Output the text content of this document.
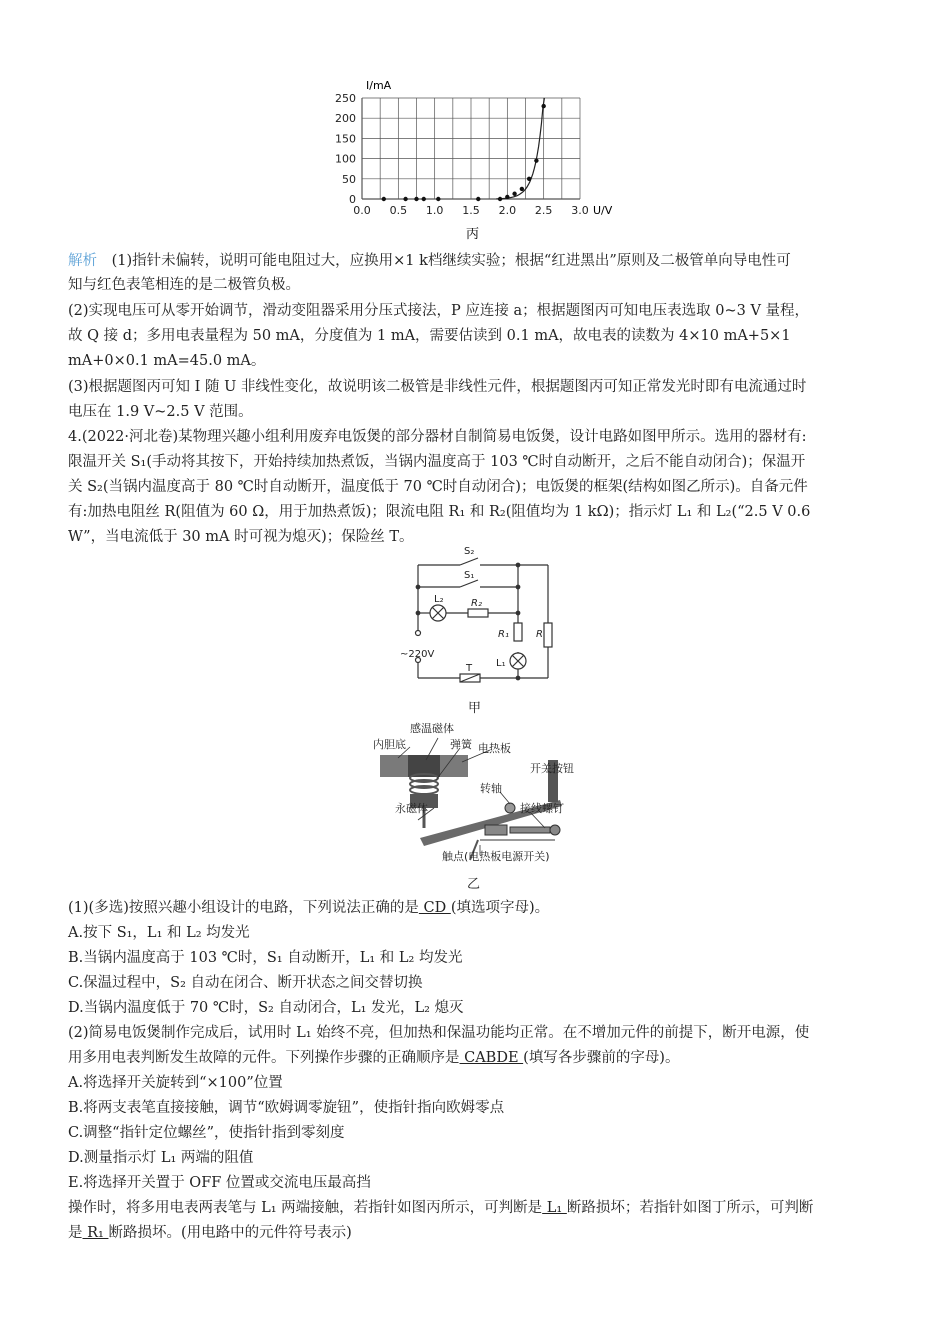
250
200
150
100
50
0
0.0 0.5 1.0 1.5 2.0 2.5 3.0
I/mA
U/V
丙
解析 (1)指针未偏转，说明可能电阻过大，应换用×1 k档继续实验；根据“红进黑出”原则及二极管单向导电性可
知与红色表笔相连的是二极管负极。
(2)实现电压可从零开始调节，滑动变阻器采用分压式接法，P 应连接 a；根据题图丙可知电压表选取 0~3 V 量程，
故 Q 接 d；多用电表量程为 50 mA，分度值为 1 mA，需要估读到 0.1 mA，故电表的读数为 4×10 mA+5×1
mA+0×0.1 mA=45.0 mA。
(3)根据题图丙可知 I 随 U 非线性变化，故说明该二极管是非线性元件，根据题图丙可知正常发光时即有电流通过时
电压在 1.9 V~2.5 V 范围。
4.(2022·河北卷)某物理兴趣小组利用废弃电饭煲的部分器材自制简易电饭煲，设计电路如图甲所示。选用的器材有:
限温开关 S₁(手动将其按下，开始持续加热煮饭，当锅内温度高于 103 ℃时自动断开，之后不能自动闭合)；保温开
关 S₂(当锅内温度高于 80 ℃时自动断开，温度低于 70 ℃时自动闭合)；电饭煲的框架(结构如图乙所示)。自备元件
有:加热电阻丝 R(阻值为 60 Ω，用于加热煮饭)；限流电阻 R₁ 和 R₂(阻值均为 1 kΩ)；指示灯 L₁ 和 L₂(“2.5 V 0.6
W”，当电流低于 30 mA 时可视为熄灭)；保险丝 T。
S₂
S₁
L₂	R₂
R₁	R
L₁
~220V
T
甲
感温磁体
内胆底	弹簧 电热板
开关按钮
转轴
永磁体	接线螺钉
触点(电热板电源开关)
乙
(1)(多选)按照兴趣小组设计的电路，下列说法正确的是 CD (填选项字母)。
A.按下 S₁，L₁ 和 L₂ 均发光
B.当锅内温度高于 103 ℃时，S₁ 自动断开，L₁ 和 L₂ 均发光
C.保温过程中，S₂ 自动在闭合、断开状态之间交替切换
D.当锅内温度低于 70 ℃时，S₂ 自动闭合，L₁ 发光，L₂ 熄灭
(2)简易电饭煲制作完成后，试用时 L₁ 始终不亮，但加热和保温功能均正常。在不增加元件的前提下，断开电源，使
用多用电表判断发生故障的元件。下列操作步骤的正确顺序是 CABDE (填写各步骤前的字母)。
A.将选择开关旋转到“×100”位置
B.将两支表笔直接接触，调节“欧姆调零旋钮”，使指针指向欧姆零点
C.调整“指针定位螺丝”，使指针指到零刻度
D.测量指示灯 L₁ 两端的阻值
E.将选择开关置于 OFF 位置或交流电压最高挡
操作时，将多用电表两表笔与 L₁ 两端接触，若指针如图丙所示，可判断是 L₁ 断路损坏；若指针如图丁所示，可判断
是 R₁ 断路损坏。(用电路中的元件符号表示)
